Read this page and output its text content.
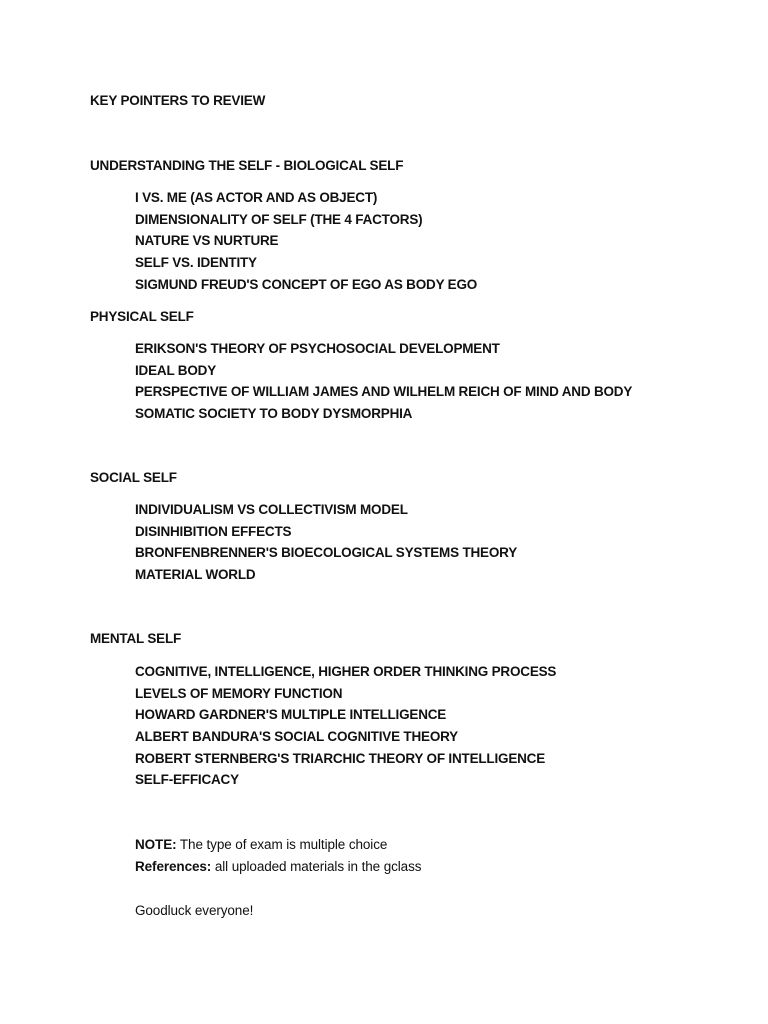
KEY POINTERS TO REVIEW

UNDERSTANDING THE SELF - BIOLOGICAL SELF

I VS. ME (AS ACTOR AND AS OBJECT)
DIMENSIONALITY OF SELF (THE 4 FACTORS)
NATURE VS NURTURE
SELF VS. IDENTITY
SIGMUND FREUD'S CONCEPT OF EGO AS BODY EGO

PHYSICAL SELF

ERIKSON'S THEORY OF PSYCHOSOCIAL DEVELOPMENT
IDEAL BODY
PERSPECTIVE OF WILLIAM JAMES AND WILHELM REICH OF MIND AND BODY
SOMATIC SOCIETY TO BODY DYSMORPHIA

SOCIAL SELF

INDIVIDUALISM VS COLLECTIVISM MODEL
DISINHIBITION EFFECTS
BRONFENBRENNER'S BIOECOLOGICAL SYSTEMS THEORY
MATERIAL WORLD

MENTAL SELF

COGNITIVE, INTELLIGENCE, HIGHER ORDER THINKING PROCESS
LEVELS OF MEMORY FUNCTION
HOWARD GARDNER'S MULTIPLE INTELLIGENCE
ALBERT BANDURA'S SOCIAL COGNITIVE THEORY
ROBERT STERNBERG'S TRIARCHIC THEORY OF INTELLIGENCE
SELF-EFFICACY

NOTE: The type of exam is multiple choice

References: all uploaded materials in the gclass

Goodluck everyone!
